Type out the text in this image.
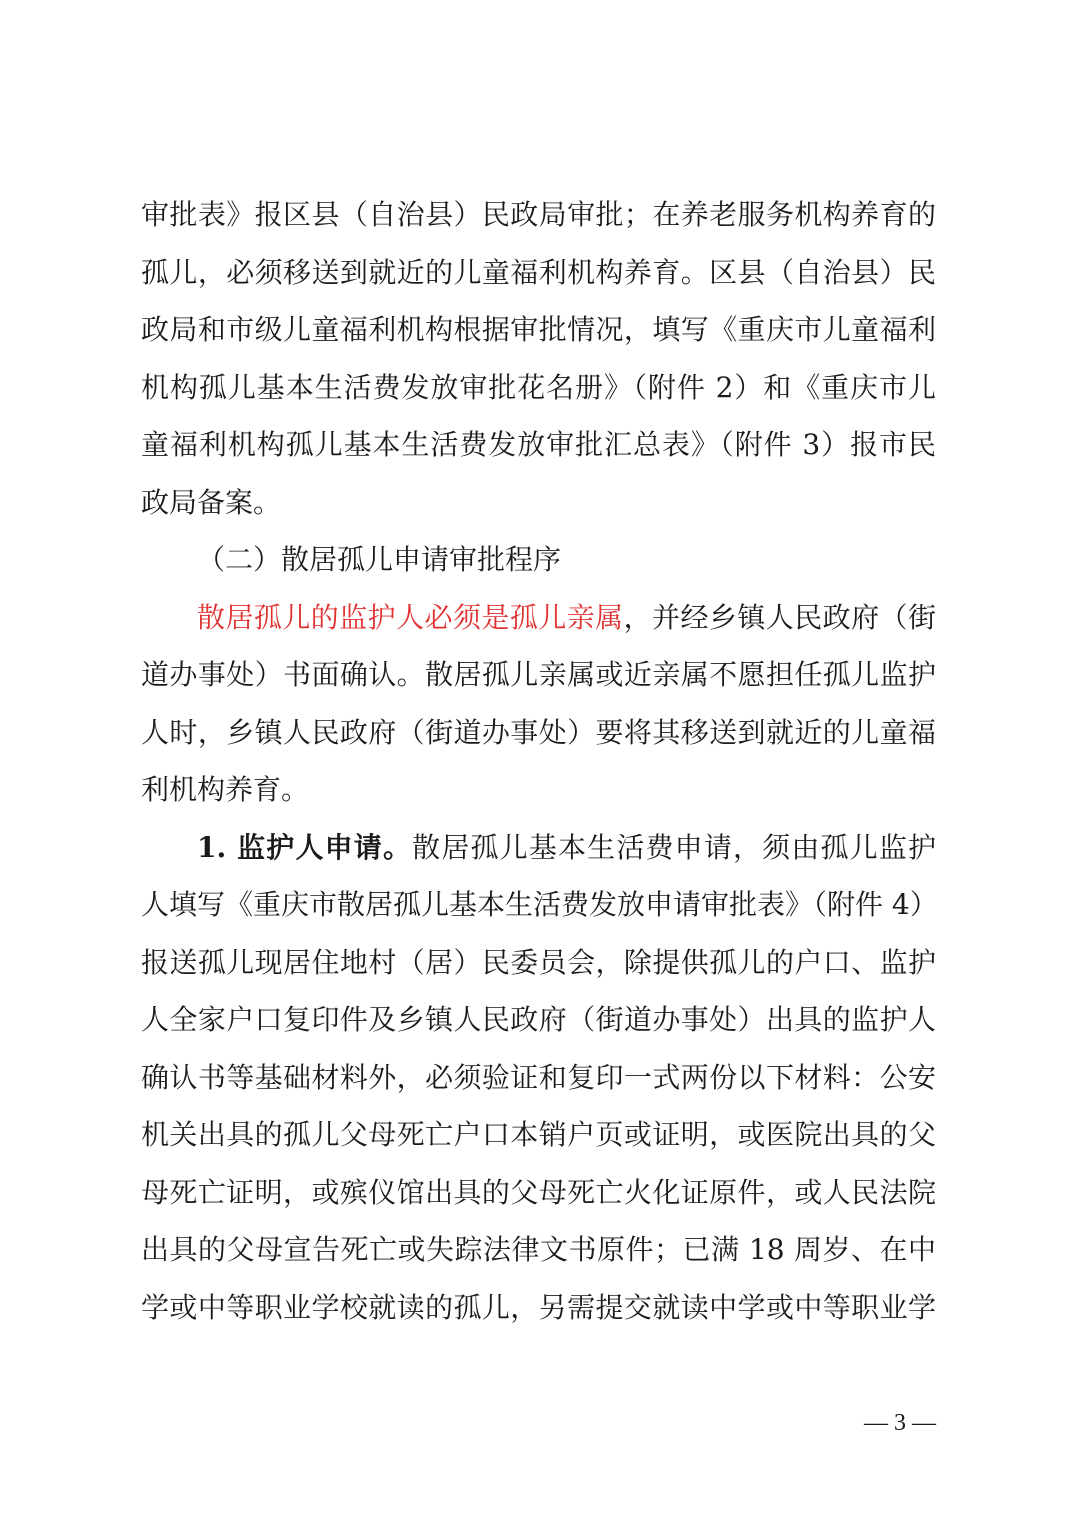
审批表》报区县（自治县）民政局审批；在养老服务机构养育的
孤儿，必须移送到就近的儿童福利机构养育。区县（自治县）民
政局和市级儿童福利机构根据审批情况，填写《重庆市儿童福利
机构孤儿基本生活费发放审批花名册》（附件 2）和《重庆市儿
童福利机构孤儿基本生活费发放审批汇总表》（附件 3）报市民
政局备案。
（二）散居孤儿申请审批程序
散居孤儿的监护人必须是孤儿亲属，并经乡镇人民政府（街
道办事处）书面确认。散居孤儿亲属或近亲属不愿担任孤儿监护
人时，乡镇人民政府（街道办事处）要将其移送到就近的儿童福
利机构养育。
1. 监护人申请。散居孤儿基本生活费申请，须由孤儿监护
人填写《重庆市散居孤儿基本生活费发放申请审批表》（附件 4）
报送孤儿现居住地村（居）民委员会，除提供孤儿的户口、监护
人全家户口复印件及乡镇人民政府（街道办事处）出具的监护人
确认书等基础材料外，必须验证和复印一式两份以下材料：公安
机关出具的孤儿父母死亡户口本销户页或证明，或医院出具的父
母死亡证明，或殡仪馆出具的父母死亡火化证原件，或人民法院
出具的父母宣告死亡或失踪法律文书原件；已满 18 周岁、在中
学或中等职业学校就读的孤儿，另需提交就读中学或中等职业学
— 3 —
